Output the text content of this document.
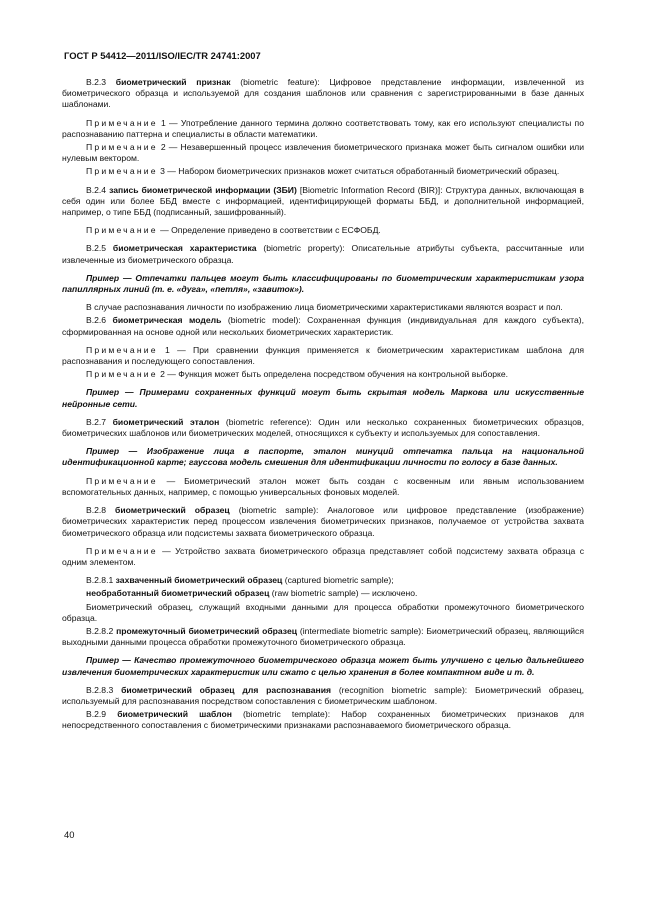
ГОСТ Р 54412—2011/ISO/IEC/TR 24741:2007

B.2.3 биометрический признак (biometric feature): Цифровое представление информации, извлеченной из биометрического образца и используемой для создания шаблонов или сравнения с зарегистрированными в базе данных шаблонами.

Примечание 1 — Употребление данного термина должно соответствовать тому, как его используют специалисты по распознаванию паттерна и специалисты в области математики.

Примечание 2 — Незавершенный процесс извлечения биометрического признака может быть сигналом ошибки или нулевым вектором.

Примечание 3 — Набором биометрических признаков может считаться обработанный биометрический образец.

B.2.4 запись биометрической информации (ЗБИ) [Biometric Information Record (BIR)]: Структура данных, включающая в себя один или более ББД вместе с информацией, идентифицирующей форматы ББД, и дополнительной информацией, например, о типе ББД (подписанный, зашифрованный).

Примечание — Определение приведено в соответствии с ЕСФОБД.

B.2.5 биометрическая характеристика (biometric property): Описательные атрибуты субъекта, рассчитанные или извлеченные из биометрического образца.

Пример — Отпечатки пальцев могут быть классифицированы по биометрическим характеристикам узора папиллярных линий (т. е. «дуга», «петля», «завиток»).

В случае распознавания личности по изображению лица биометрическими характеристиками являются возраст и пол.

B.2.6 биометрическая модель (biometric model): Сохраненная функция (индивидуальная для каждого субъекта), сформированная на основе одной или нескольких биометрических характеристик.

Примечание 1 — При сравнении функция применяется к биометрическим характеристикам шаблона для распознавания и последующего сопоставления.

Примечание 2 — Функция может быть определена посредством обучения на контрольной выборке.

Пример — Примерами сохраненных функций могут быть скрытая модель Маркова или искусственные нейронные сети.

B.2.7 биометрический эталон (biometric reference): Один или несколько сохраненных биометрических образцов, биометрических шаблонов или биометрических моделей, относящихся к субъекту и используемых для сопоставления.

Пример — Изображение лица в паспорте, эталон минуций отпечатка пальца на национальной идентификационной карте; гауссова модель смешения для идентификации личности по голосу в базе данных.

Примечание — Биометрический эталон может быть создан с косвенным или явным использованием вспомогательных данных, например, с помощью универсальных фоновых моделей.

B.2.8 биометрический образец (biometric sample): Аналоговое или цифровое представление (изображение) биометрических характеристик перед процессом извлечения биометрических признаков, получаемое от устройства захвата биометрического образца или подсистемы захвата биометрического образца.

Примечание — Устройство захвата биометрического образца представляет собой подсистему захвата образца с одним элементом.

B.2.8.1 захваченный биометрический образец (captured biometric sample);

необработанный биометрический образец (raw biometric sample) — исключено.

Биометрический образец, служащий входными данными для процесса обработки промежуточного биометрического образца.

B.2.8.2 промежуточный биометрический образец (intermediate biometric sample): Биометрический образец, являющийся выходными данными процесса обработки промежуточного биометрического образца.

Пример — Качество промежуточного биометрического образца может быть улучшено с целью дальнейшего извлечения биометрических характеристик или сжато с целью хранения в более компактном виде и т. д.

B.2.8.3 биометрический образец для распознавания (recognition biometric sample): Биометрический образец, используемый для распознавания посредством сопоставления с биометрическим шаблоном.

B.2.9 биометрический шаблон (biometric template): Набор сохраненных биометрических признаков для непосредственного сопоставления с биометрическими признаками распознаваемого биометрического образца.

40
